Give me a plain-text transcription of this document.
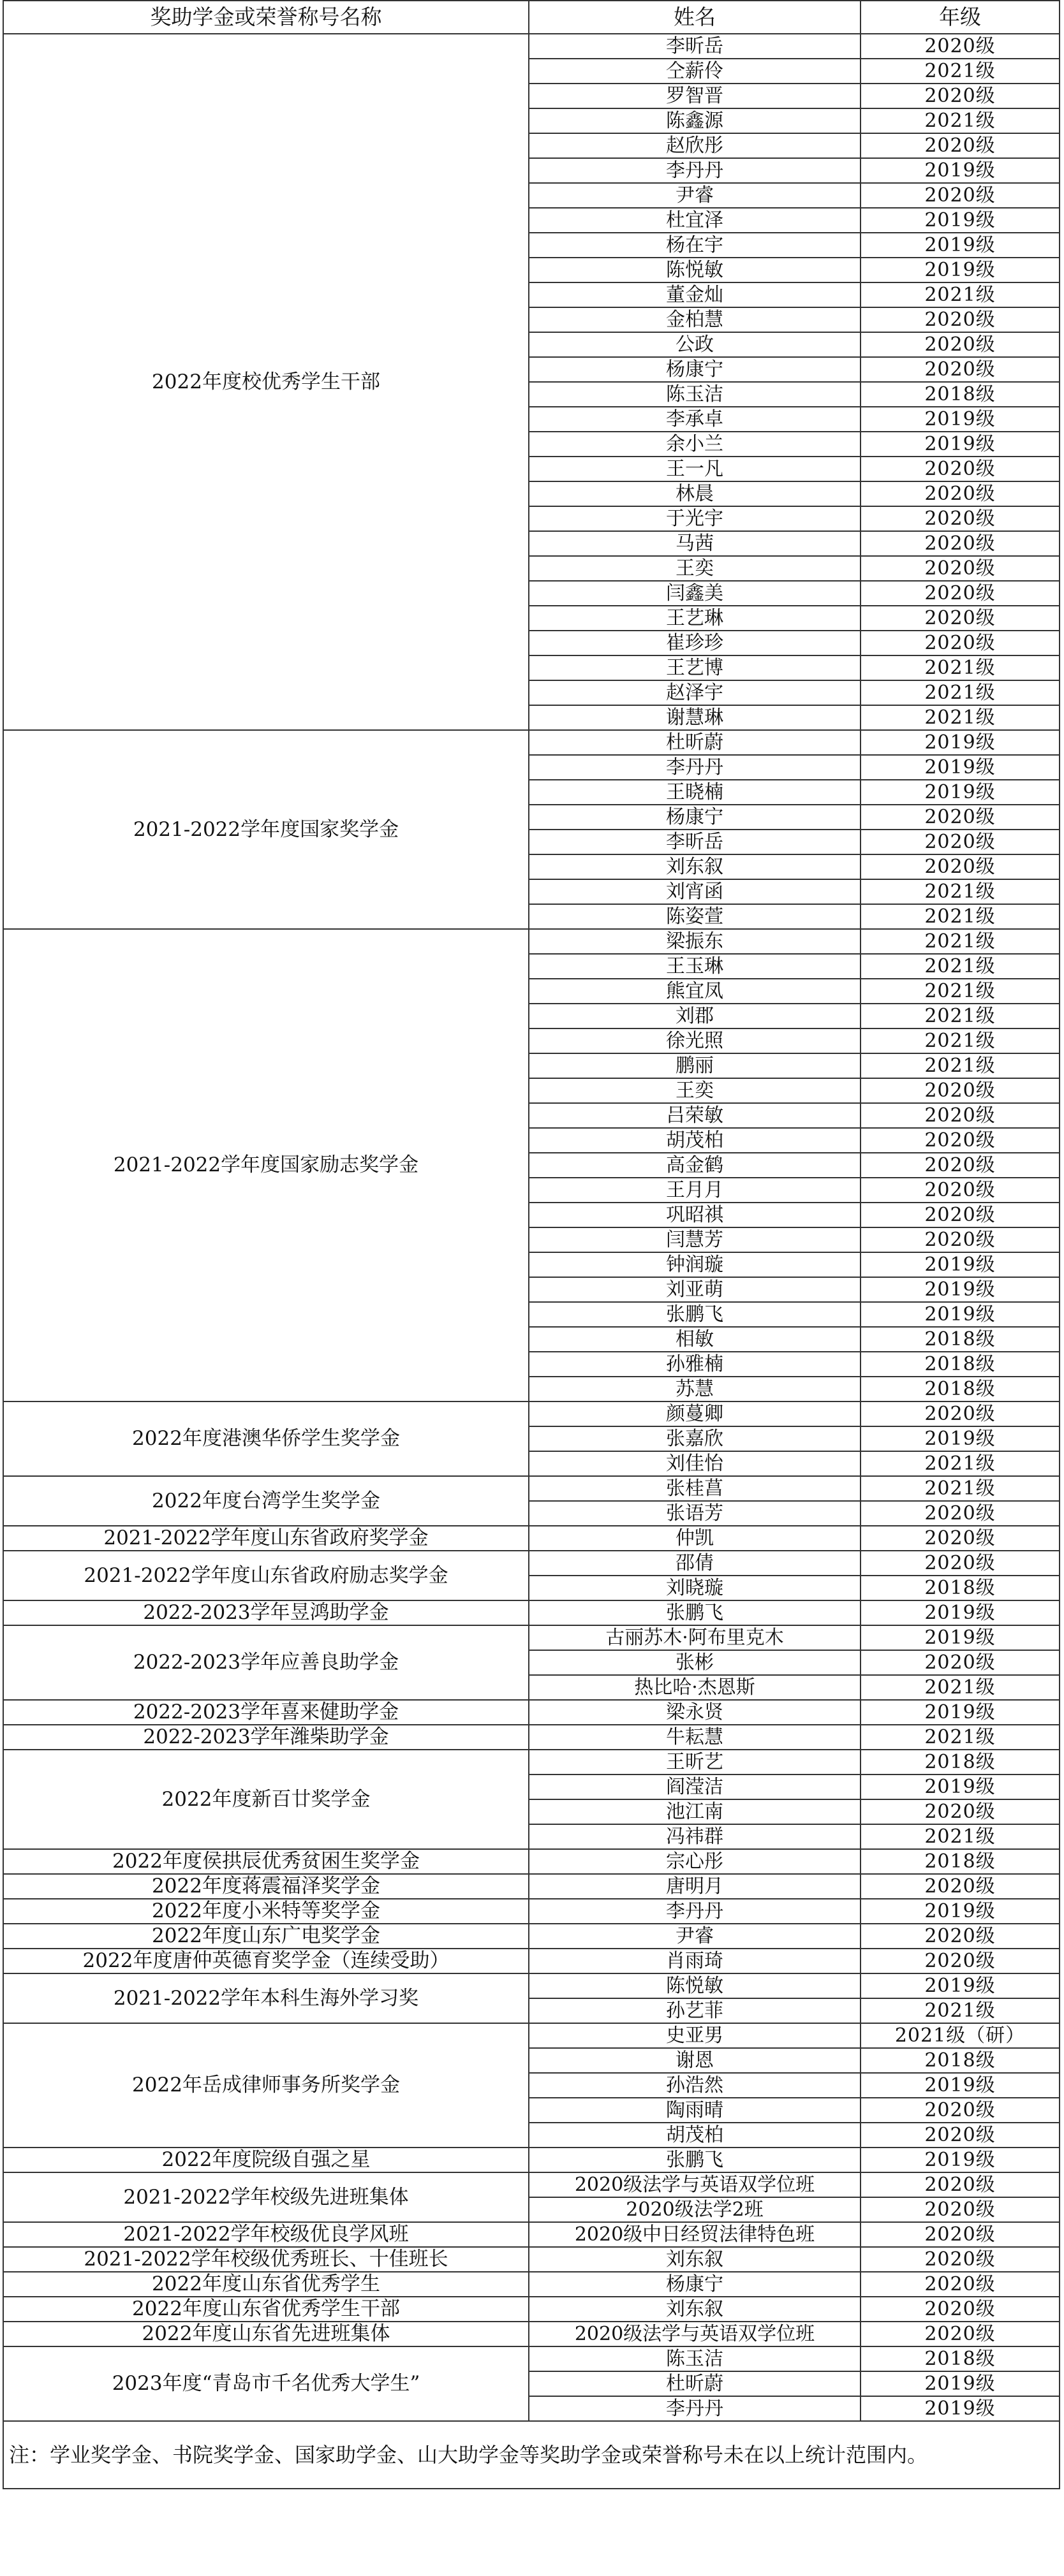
奖助学金或荣誉称号名称	姓名	年级
2022年度校优秀学生干部	李昕岳	2020级
	仝薪伶	2021级
	罗智晋	2020级
	陈鑫源	2021级
	赵欣彤	2020级
	李丹丹	2019级
	尹睿	2020级
	杜宜泽	2019级
	杨在宇	2019级
	陈悦敏	2019级
	董金灿	2021级
	金柏慧	2020级
	公政	2020级
	杨康宁	2020级
	陈玉洁	2018级
	李承卓	2019级
	余小兰	2019级
	王一凡	2020级
	林晨	2020级
	于光宇	2020级
	马茜	2020级
	王奕	2020级
	闫鑫美	2020级
	王艺琳	2020级
	崔珍珍	2020级
	王艺博	2021级
	赵泽宇	2021级
	谢慧琳	2021级
2021-2022学年度国家奖学金	杜昕蔚	2019级
	李丹丹	2019级
	王晓楠	2019级
	杨康宁	2020级
	李昕岳	2020级
	刘东叙	2020级
	刘宵函	2021级
	陈姿萱	2021级
2021-2022学年度国家励志奖学金	梁振东	2021级
	王玉琳	2021级
	熊宜凤	2021级
	刘郡	2021级
	徐光照	2021级
	鹏丽	2021级
	王奕	2020级
	吕荣敏	2020级
	胡茂柏	2020级
	高金鹤	2020级
	王月月	2020级
	巩昭祺	2020级
	闫慧芳	2020级
	钟润璇	2019级
	刘亚萌	2019级
	张鹏飞	2019级
	相敏	2018级
	孙雅楠	2018级
	苏慧	2018级
2022年度港澳华侨学生奖学金	颜蔓卿	2020级
	张嘉欣	2019级
	刘佳怡	2021级
2022年度台湾学生奖学金	张桂菖	2021级
	张语芳	2020级
2021-2022学年度山东省政府奖学金	仲凯	2020级
2021-2022学年度山东省政府励志奖学金	邵倩	2020级
	刘晓璇	2018级
2022-2023学年昱鸿助学金	张鹏飞	2019级
2022-2023学年应善良助学金	古丽苏木·阿布里克木	2019级
	张彬	2020级
	热比哈·杰恩斯	2021级
2022-2023学年喜来健助学金	梁永贤	2019级
2022-2023学年潍柴助学金	牛耘慧	2021级
2022年度新百廿奖学金	王昕艺	2018级
	阎滢洁	2019级
	池江南	2020级
	冯祎群	2021级
2022年度侯拱辰优秀贫困生奖学金	宗心彤	2018级
2022年度蒋震福泽奖学金	唐明月	2020级
2022年度小米特等奖学金	李丹丹	2019级
2022年度山东广电奖学金	尹睿	2020级
2022年度唐仲英德育奖学金（连续受助）	肖雨琦	2020级
2021-2022学年本科生海外学习奖	陈悦敏	2019级
	孙艺菲	2021级
2022年岳成律师事务所奖学金	史亚男	2021级（研）
	谢恩	2018级
	孙浩然	2019级
	陶雨晴	2020级
	胡茂柏	2020级
2022年度院级自强之星	张鹏飞	2019级
2021-2022学年校级先进班集体	2020级法学与英语双学位班	2020级
	2020级法学2班	2020级
2021-2022学年校级优良学风班	2020级中日经贸法律特色班	2020级
2021-2022学年校级优秀班长、十佳班长	刘东叙	2020级
2022年度山东省优秀学生	杨康宁	2020级
2022年度山东省优秀学生干部	刘东叙	2020级
2022年度山东省先进班集体	2020级法学与英语双学位班	2020级
2023年度“青岛市千名优秀大学生”	陈玉洁	2018级
	杜昕蔚	2019级
	李丹丹	2019级
注：学业奖学金、书院奖学金、国家助学金、山大助学金等奖助学金或荣誉称号未在以上统计范围内。		
